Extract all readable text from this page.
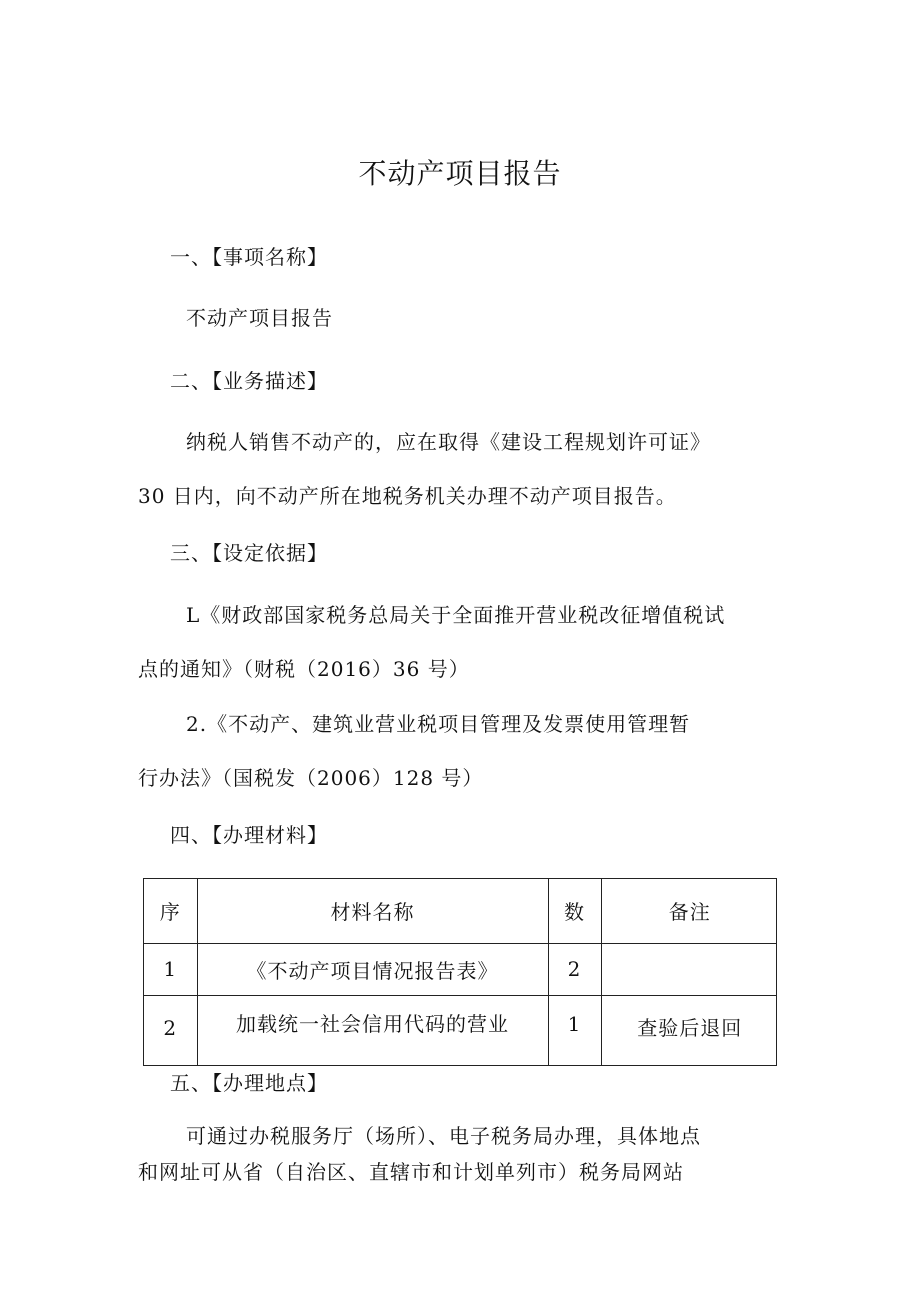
不动产项目报告
一、【事项名称】
不动产项目报告
二、【业务描述】
纳税人销售不动产的，应在取得《建设工程规划许可证》
30 日内，向不动产所在地税务机关办理不动产项目报告。
三、【设定依据】
L《财政部国家税务总局关于全面推开营业税改征增值税试
点的通知》（财税（2016）36 号）
2.《不动产、建筑业营业税项目管理及发票使用管理暂
行办法》（国税发（2006）128 号）
四、【办理材料】
序	材料名称	数	备注
1	《不动产项目情况报告表》	2	
2	加载统一社会信用代码的营业	1	查验后退回
五、【办理地点】
可通过办税服务厅（场所）、电子税务局办理，具体地点
和网址可从省（自治区、直辖市和计划单列市）税务局网站
